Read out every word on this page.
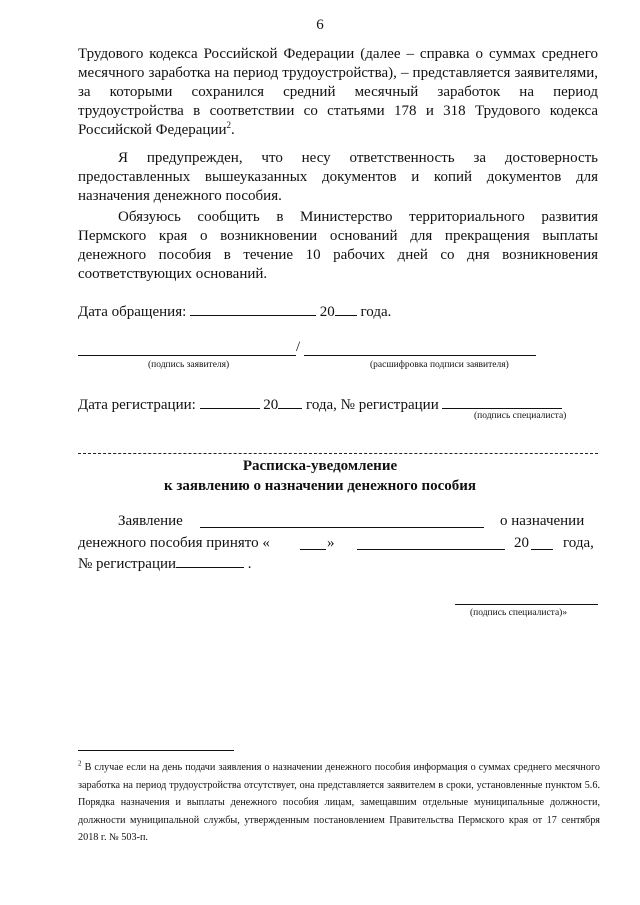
6
Трудового кодекса Российской Федерации (далее – справка о суммах среднего месячного заработка на период трудоустройства), – представляется заявителями, за которыми сохранился средний месячный заработок на период трудоустройства в соответствии со статьями 178 и 318 Трудового кодекса Российской Федерации$^2$.
Я предупрежден, что несу ответственность за достоверность предоставленных вышеуказанных документов и копий документов для назначения денежного пособия.
Обязуюсь сообщить в Министерство территориального развития Пермского края о возникновении оснований для прекращения выплаты денежного пособия в течение 10 рабочих дней со дня возникновения соответствующих оснований.
Дата обращения:	20 года.
/
(подпись заявителя)	(расшифровка подписи заявителя)
Дата регистрации:	20 года, № регистрации
(подпись специалиста)
Расписка-уведомление
к заявлению о назначении денежного пособия
Заявление	о назначении
денежного пособия принято «	»	20 года,
№ регистрации	.
(подпись специалиста)»
$^2$ В случае если на день подачи заявления о назначении денежного пособия информация о суммах среднего месячного заработка на период трудоустройства отсутствует, она представляется заявителем в сроки, установленные пунктом 5.6. Порядка назначения и выплаты денежного пособия лицам, замещавшим отдельные муниципальные должности, должности муниципальной службы, утвержденным постановлением Правительства Пермского края от 17 сентября 2018 г. № 503-п.
